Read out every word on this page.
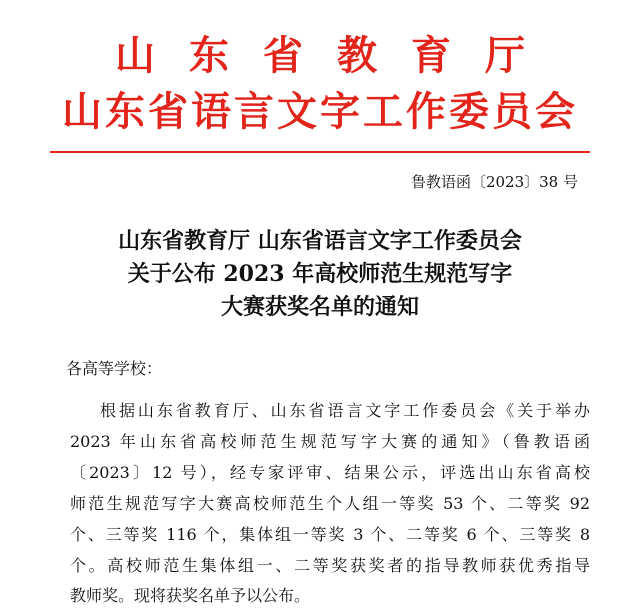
山东省教育厅
山东省语言文字工作委员会
鲁教语函〔2023〕38 号
山东省教育厅 山东省语言文字工作委员会
关于公布 2023 年高校师范生规范写字
大赛获奖名单的通知
各高等学校：
根据山东省教育厅、山东省语言文字工作委员会《关于举办
2023 年山东省高校师范生规范写字大赛的通知》（鲁教语函
〔2023〕12 号），经专家评审、结果公示，评选出山东省高校
师范生规范写字大赛高校师范生个人组一等奖 53 个、二等奖 92
个、三等奖 116 个，集体组一等奖 3 个、二等奖 6 个、三等奖 8
个。高校师范生集体组一、二等奖获奖者的指导教师获优秀指导
教师奖。现将获奖名单予以公布。
